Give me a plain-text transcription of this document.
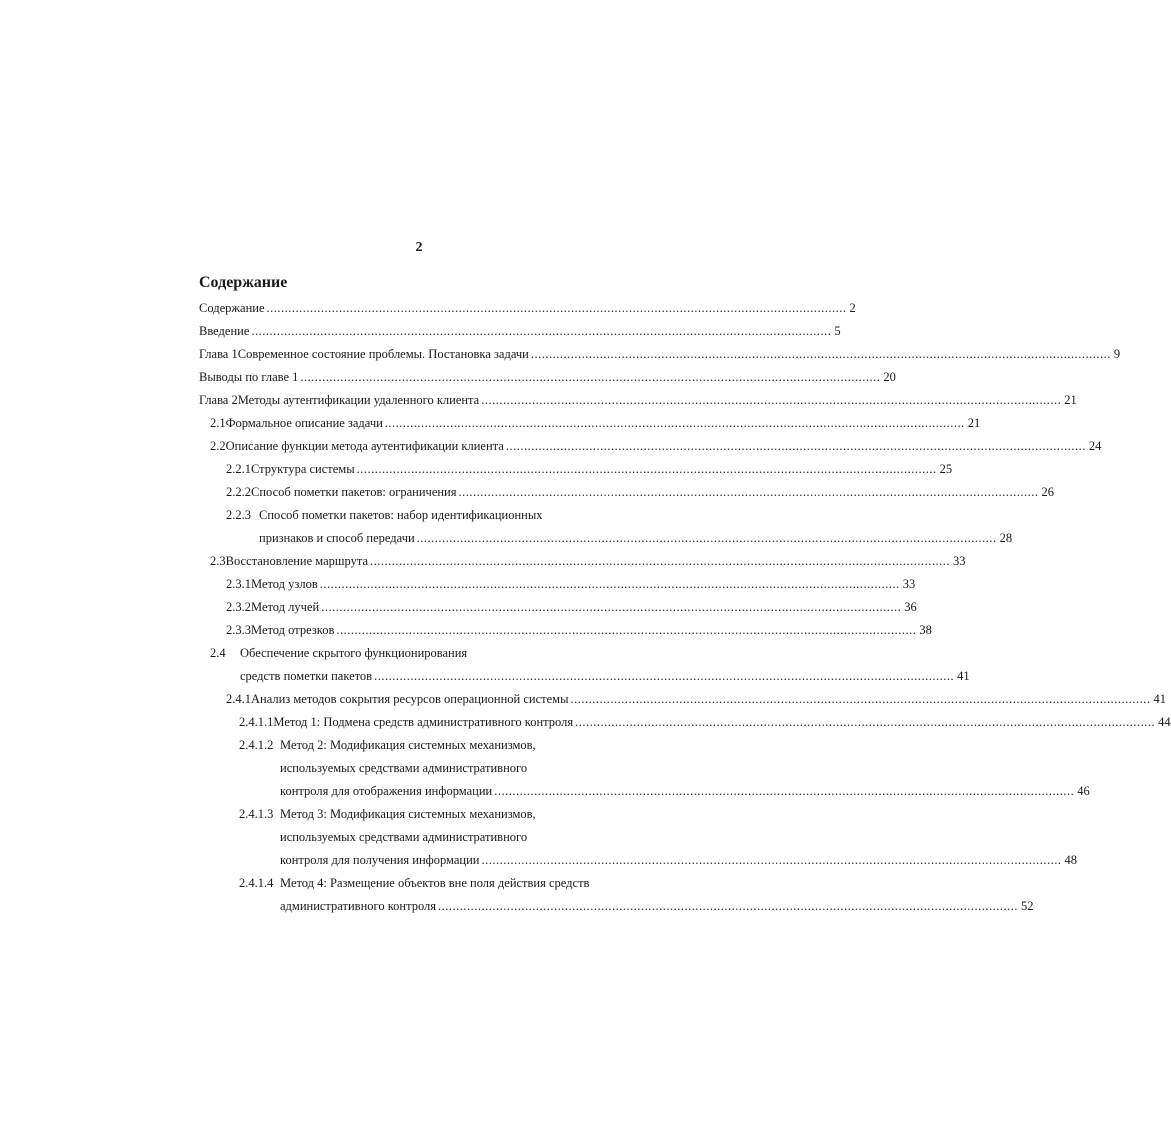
2
Содержание
Содержание .....	2
Введение .....	5
Глава 1 Современное состояние проблемы. Постановка задачи .....	9
Выводы по главе 1 .....	20
Глава 2 Методы аутентификации удаленного клиента .....	21
2.1 Формальное описание задачи .....	21
2.2 Описание функции метода аутентификации клиента .....	24
2.2.1 Структура системы .....	25
2.2.2 Способ пометки пакетов: ограничения .....	26
2.2.3 Способ пометки пакетов: набор идентификационных
признаков и способ передачи .....	28
2.3 Восстановление маршрута .....	33
2.3.1 Метод узлов .....	33
2.3.2 Метод лучей .....	36
2.3.3 Метод отрезков .....	38
2.4	Обеспечение скрытого функционирования
средств пометки пакетов .....	41
2.4.1 Анализ методов сокрытия ресурсов операционной системы .....	41
2.4.1.1 Метод 1: Подмена средств административного контроля .....	44
2.4.1.2 Метод 2: Модификация системных механизмов,
используемых средствами административного
контроля для отображения информации .....	46
2.4.1.3 Метод 3: Модификация системных механизмов,
используемых средствами административного
контроля для получения информации .....	48
2.4.1.4 Метод 4: Размещение объектов вне поля действия средств
административного контроля .....	52
